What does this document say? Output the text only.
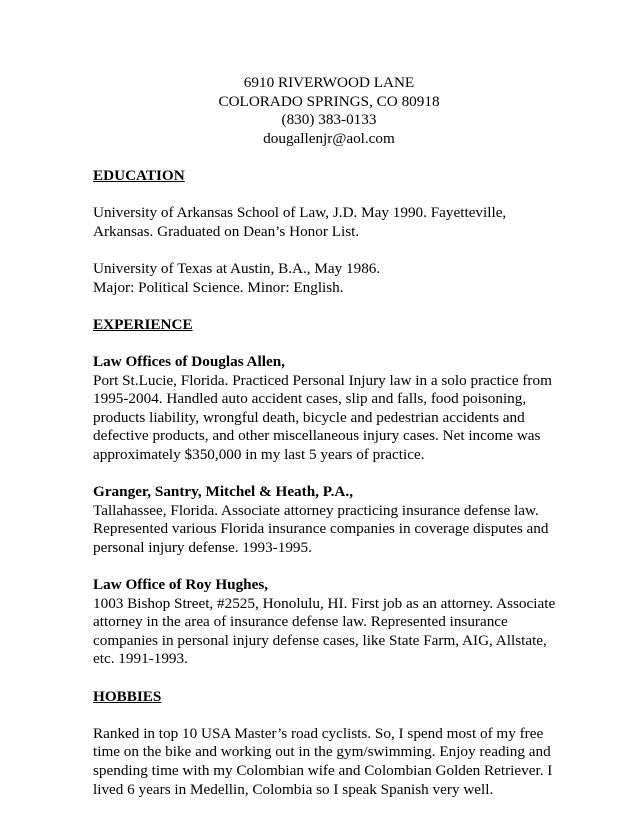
6910 RIVERWOOD LANE
COLORADO SPRINGS, CO 80918
(830) 383-0133
dougallenjr@aol.com
EDUCATION
University of Arkansas School of Law, J.D. May 1990. Fayetteville,
Arkansas. Graduated on Dean’s Honor List.
University of Texas at Austin, B.A., May 1986.
Major: Political Science. Minor: English.
EXPERIENCE
Law Offices of Douglas Allen,
Port St.Lucie, Florida. Practiced Personal Injury law in a solo practice from
1995-2004. Handled auto accident cases, slip and falls, food poisoning,
products liability, wrongful death, bicycle and pedestrian accidents and
defective products, and other miscellaneous injury cases. Net income was
approximately $350,000 in my last 5 years of practice.
Granger, Santry, Mitchel & Heath, P.A.,
Tallahassee, Florida. Associate attorney practicing insurance defense law.
Represented various Florida insurance companies in coverage disputes and
personal injury defense. 1993-1995.
Law Office of Roy Hughes,
1003 Bishop Street, #2525, Honolulu, HI. First job as an attorney. Associate
attorney in the area of insurance defense law. Represented insurance
companies in personal injury defense cases, like State Farm, AIG, Allstate,
etc. 1991-1993.
HOBBIES
Ranked in top 10 USA Master’s road cyclists. So, I spend most of my free
time on the bike and working out in the gym/swimming. Enjoy reading and
spending time with my Colombian wife and Colombian Golden Retriever. I
lived 6 years in Medellin, Colombia so I speak Spanish very well.
